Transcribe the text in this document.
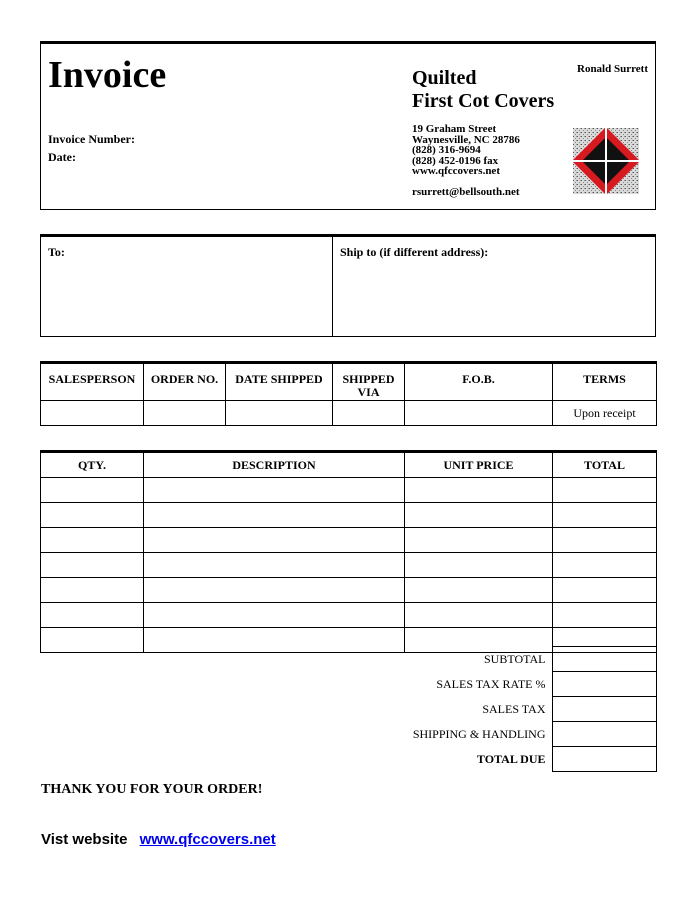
Invoice
Invoice Number:
Date:
Quilted
First Cot Covers
Ronald Surrett
19 Graham Street
Waynesville, NC 28786
(828) 316-9694
(828) 452-0196 fax
www.qfccovers.net
rsurrett@bellsouth.net
To:	Ship to (if different address):
SALESPERSON	ORDER NO.	DATE SHIPPED	SHIPPED VIA	F.O.B.	TERMS
					Upon receipt
QTY.	DESCRIPTION	UNIT PRICE	TOTAL

SUBTOTAL	
SALES TAX RATE %	
SALES TAX	
SHIPPING & HANDLING	
TOTAL DUE	
THANK YOU FOR YOUR ORDER!
Vist website www.qfccovers.net
